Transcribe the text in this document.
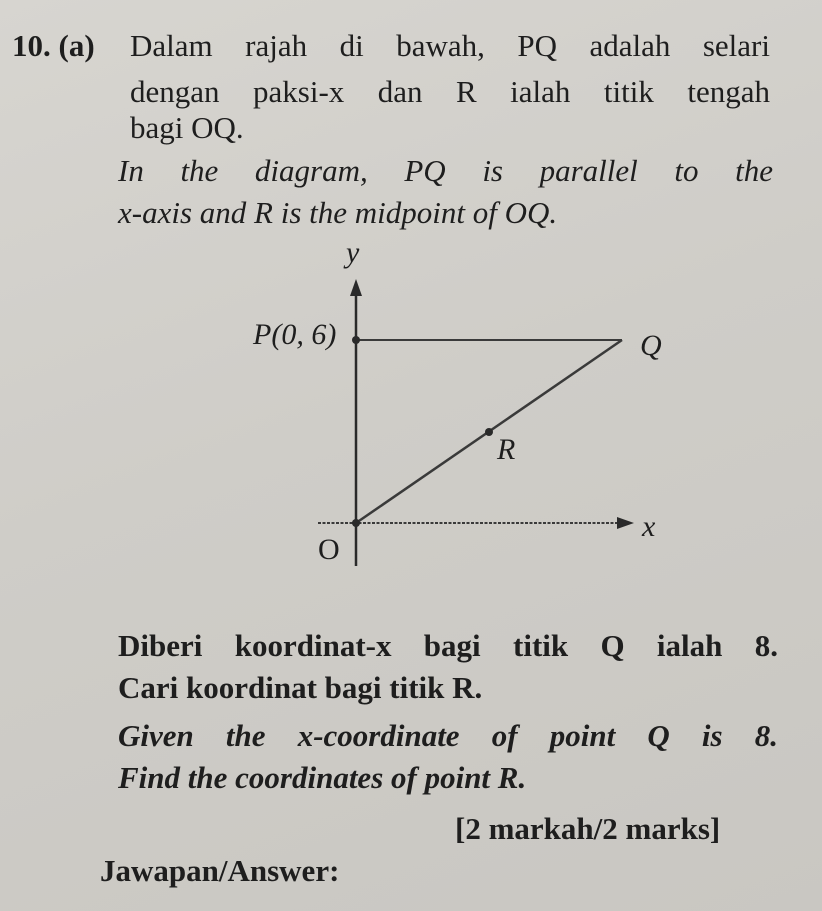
10. (a) Dalam rajah di bawah, PQ adalah selari
dengan paksi-x dan R ialah titik tengah
bagi OQ.
In the diagram, PQ is parallel to the
x-axis and R is the midpoint of OQ.
y
x
O
P(0, 6)	Q
R
Diberi koordinat-x bagi titik Q ialah 8.
Cari koordinat bagi titik R.
Given the x-coordinate of point Q is 8.
Find the coordinates of point R.
[2 markah/2 marks]
Jawapan/Answer:
